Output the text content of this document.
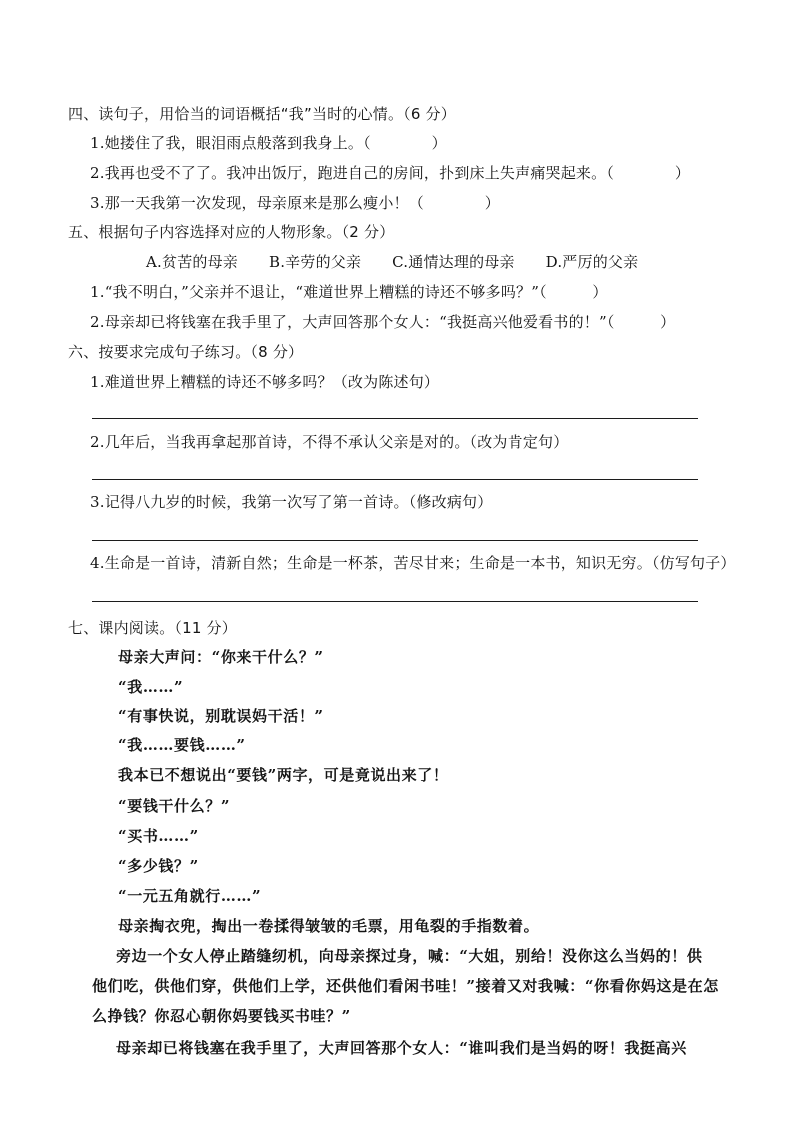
四、读句子，用恰当的词语概括“我”当时的心情。（6 分）
1.她搂住了我，眼泪雨点般落到我身上。（　　　　）
2.我再也受不了了。我冲出饭厅，跑进自己的房间，扑到床上失声痛哭起来。（　　　　）
3.那一天我第一次发现，母亲原来是那么瘦小！（　　　　）
五、根据句子内容选择对应的人物形象。（2 分）
A.贫苦的母亲 B.辛劳的父亲 C.通情达理的母亲 D.严厉的父亲
1.“我不明白，”父亲并不退让，“难道世界上糟糕的诗还不够多吗？”（　　　）
2.母亲却已将钱塞在我手里了，大声回答那个女人：“我挺高兴他爱看书的！”（　　　）
六、按要求完成句子练习。（8 分）
1.难道世界上糟糕的诗还不够多吗？（改为陈述句）
2.几年后，当我再拿起那首诗，不得不承认父亲是对的。（改为肯定句）
3.记得八九岁的时候，我第一次写了第一首诗。（修改病句）
4.生命是一首诗，清新自然；生命是一杯茶，苦尽甘来；生命是一本书，知识无穷。（仿写句子）
七、课内阅读。（11 分）
母亲大声问：“你来干什么？”
“我……”
“有事快说，别耽误妈干活！”
“我……要钱……”
我本已不想说出“要钱”两字，可是竟说出来了！
“要钱干什么？”
“买书……”
“多少钱？”
“一元五角就行……”
母亲掏衣兜，掏出一卷揉得皱皱的毛票，用龟裂的手指数着。
旁边一个女人停止踏缝纫机，向母亲探过身，喊：“大姐，别给！没你这么当妈的！供
他们吃，供他们穿，供他们上学，还供他们看闲书哇！”接着又对我喊：“你看你妈这是在怎
么挣钱？你忍心朝你妈要钱买书哇？”
母亲却已将钱塞在我手里了，大声回答那个女人：“谁叫我们是当妈的呀！我挺高兴
